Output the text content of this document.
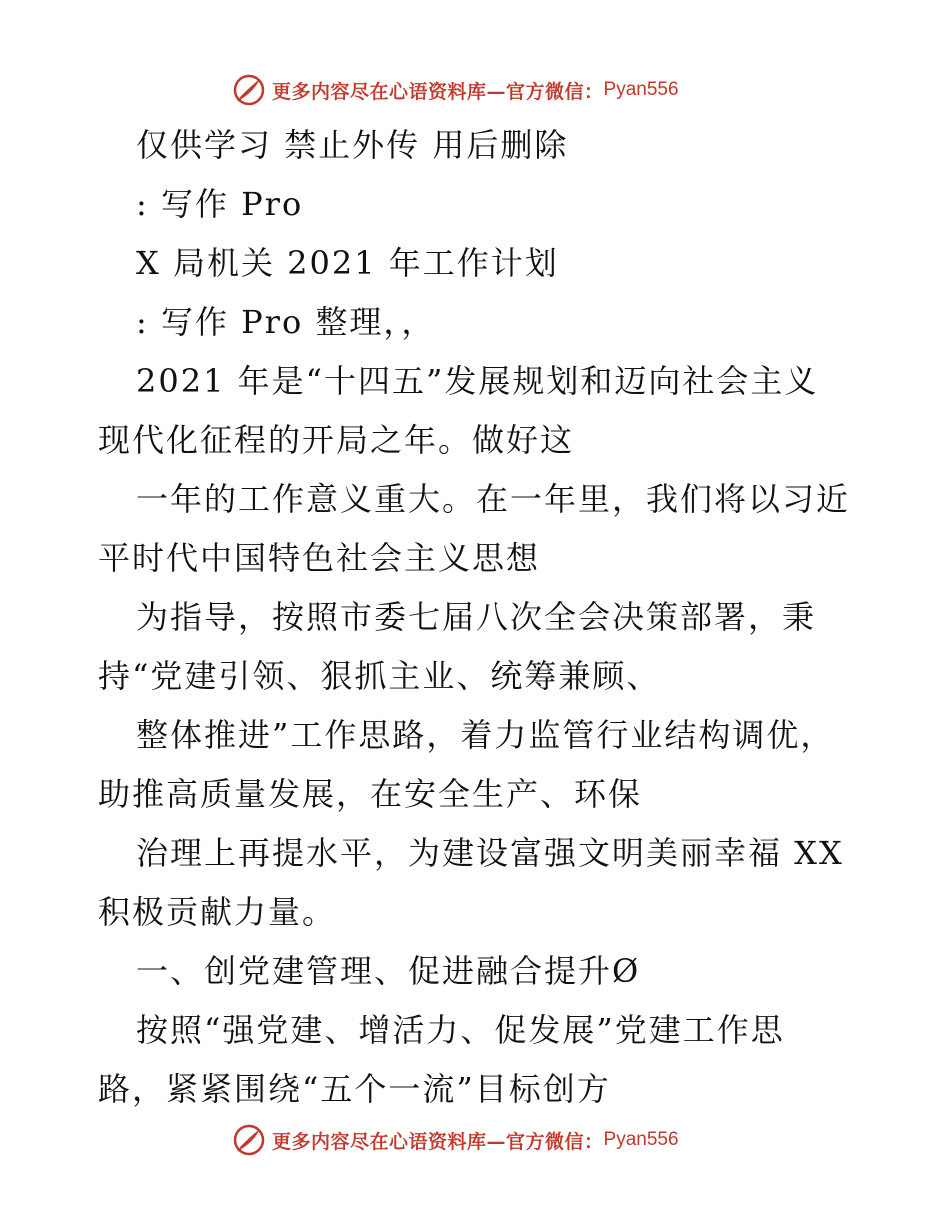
更多内容尽在心语资料库—官方微信： Pyan556
仅供学习 禁止外传 用后删除
: 写作 Pro
X 局机关 2021 年工作计划
: 写作 Pro 整理，，
2021 年是“十四五”发展规划和迈向社会主义
现代化征程的开局之年。做好这
一年的工作意义重大。在一年里，我们将以习近
平时代中国特色社会主义思想
为指导，按照市委七届八次全会决策部署，秉
持“党建引领、狠抓主业、统筹兼顾、
整体推进”工作思路，着力监管行业结构调优，
助推高质量发展，在安全生产、环保
治理上再提水平，为建设富强文明美丽幸福 XX
积极贡献力量。
一、创党建管理、促进融合提升Ø
按照“强党建、增活力、促发展”党建工作思
路，紧紧围绕“五个一流”目标创方
更多内容尽在心语资料库—官方微信： Pyan556
